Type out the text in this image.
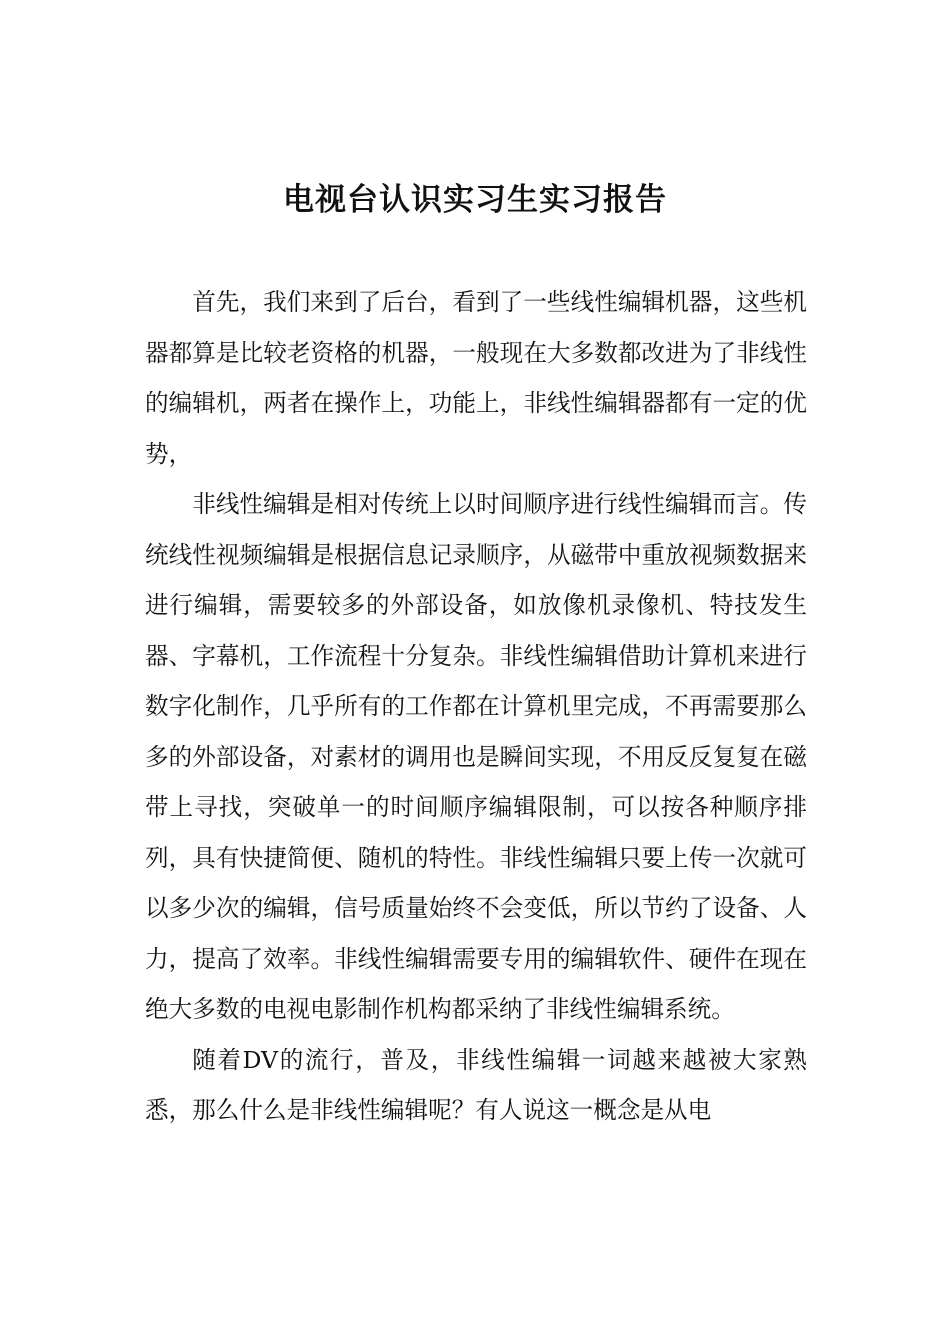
电视台认识实习生实习报告

首先，我们来到了后台，看到了一些线性编辑机器，这些机器都算是比较老资格的机器，一般现在大多数都改进为了非线性的编辑机，两者在操作上，功能上，非线性编辑器都有一定的优势，

非线性编辑是相对传统上以时间顺序进行线性编辑而言。传统线性视频编辑是根据信息记录顺序，从磁带中重放视频数据来进行编辑，需要较多的外部设备，如放像机录像机、特技发生器、字幕机，工作流程十分复杂。非线性编辑借助计算机来进行数字化制作，几乎所有的工作都在计算机里完成，不再需要那么多的外部设备，对素材的调用也是瞬间实现，不用反反复复在磁带上寻找，突破单一的时间顺序编辑限制，可以按各种顺序排列，具有快捷简便、随机的特性。非线性编辑只要上传一次就可以多少次的编辑，信号质量始终不会变低，所以节约了设备、人力，提高了效率。非线性编辑需要专用的编辑软件、硬件在现在绝大多数的电视电影制作机构都采纳了非线性编辑系统。

随着DV的流行，普及，非线性编辑一词越来越被大家熟悉，那么什么是非线性编辑呢？有人说这一概念是从电
